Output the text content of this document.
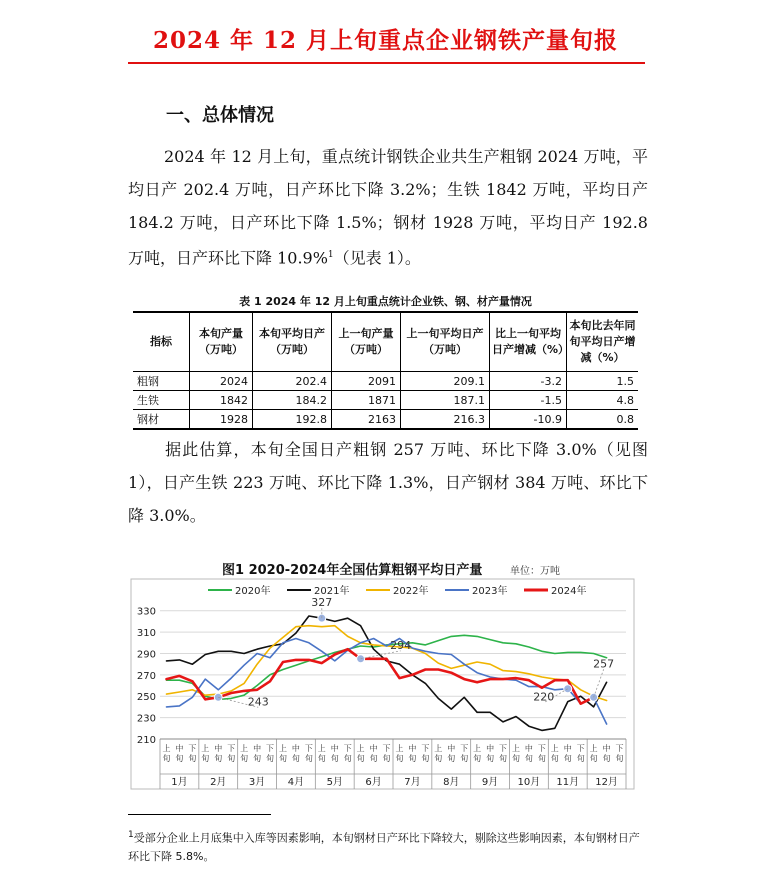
2024 年 12 月上旬重点企业钢铁产量旬报
一、总体情况
2024 年 12 月上旬，重点统计钢铁企业共生产粗钢 2024 万吨，平均日产 202.4 万吨，日产环比下降 3.2%；生铁 1842 万吨，平均日产 184.2 万吨，日产环比下降 1.5%；钢材 1928 万吨，平均日产 192.8 万吨，日产环比下降 10.9%$^1$（见表 1）。
表 1 2024 年 12 月上旬重点统计企业铁、钢、材产量情况
指标	本旬产量（万吨）	本旬平均日产（万吨）	上一旬产量（万吨）	上一旬平均日产（万吨）	比上一旬平均日产增减（%）	本旬比去年同旬平均日产增减（%）
粗钢	2024	202.4	2091	209.1	-3.2	1.5
生铁	1842	184.2	1871	187.1	-1.5	4.8
钢材	1928	192.8	2163	216.3	-10.9	0.8
据此估算，本旬全国日产粗钢 257 万吨、环比下降 3.0%（见图 1），日产生铁 223 万吨、环比下降 1.3%，日产钢材 384 万吨、环比下降 3.0%。
图1 2020-2024年全国估算粗钢平均日产量	单位：万吨
210
230
250
270
290
310
330
2020年	2021年	2022年	2023年	2024年
上
旬
中
旬
下
旬
上
旬
中
旬
下
旬
上
旬
中
旬
下
旬
上
旬
中
旬
下
旬
上
旬
中
旬
下
旬
上
旬
中
旬
下
旬
上
旬
中
旬
下
旬
上
旬
中
旬
下
旬
上
旬
中
旬
下
旬
上
旬
中
旬
下
旬
上
旬
中
旬
下
旬
上
旬
中
旬
下
旬
1月 2月 3月 4月 5月 6月 7月 8月 9月 10月 11月 12月
327
294
243	220
257
$^1$受部分企业上月底集中入库等因素影响，本旬钢材日产环比下降较大，剔除这些影响因素，本旬钢材日产环比下降 5.8%。
